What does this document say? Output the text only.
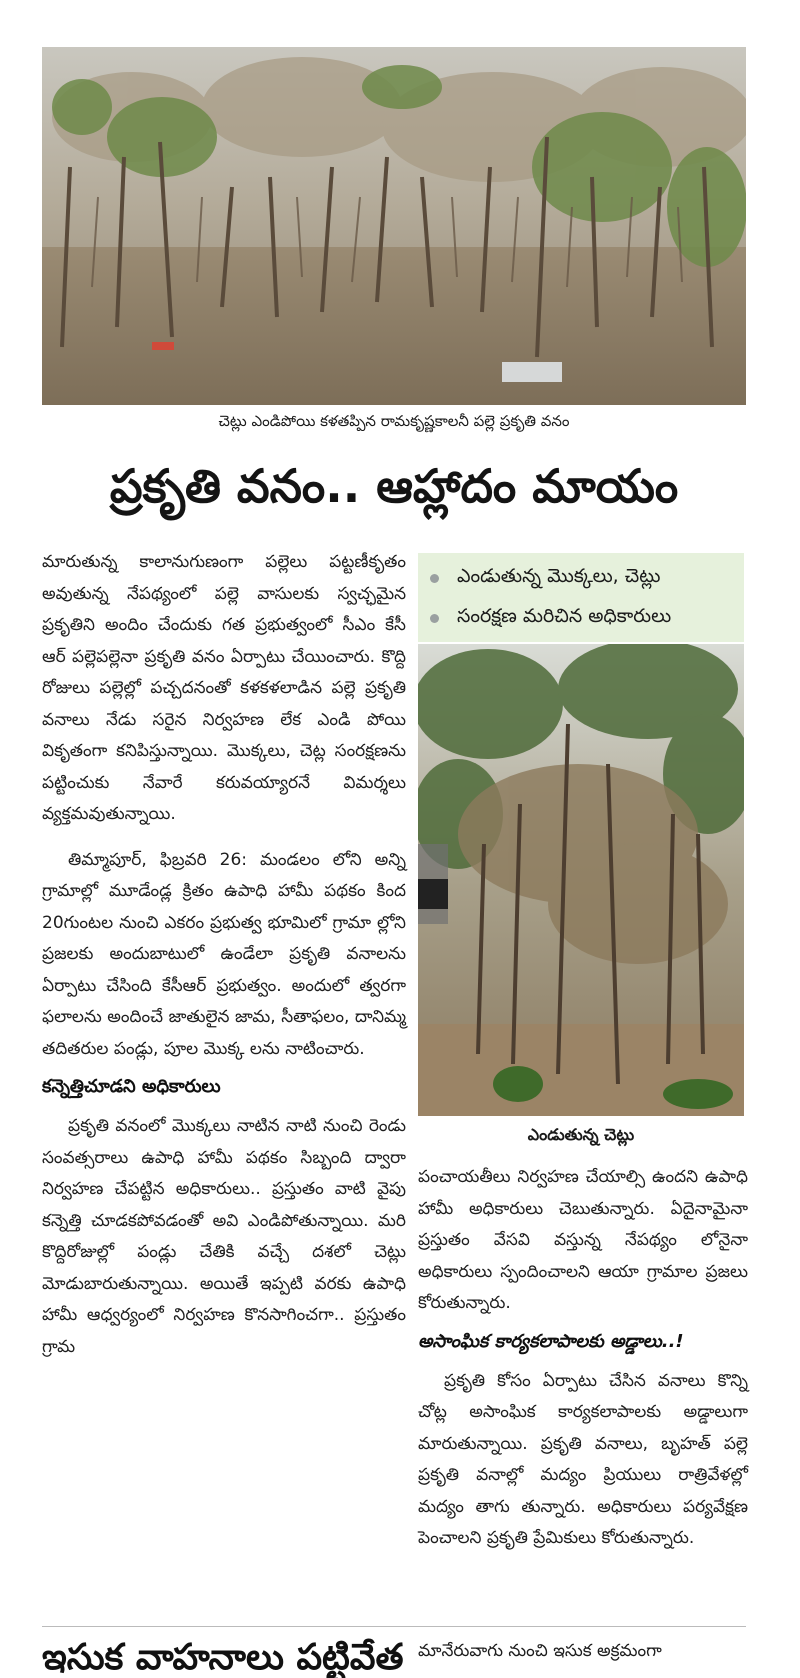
చెట్లు ఎండిపోయి కళతప్పిన రామకృష్ణకాలనీ పల్లె ప్రకృతి వనం
ప్రకృతి వనం.. ఆహ్లాదం మాయం

మారుతున్న కాలానుగుణంగా పల్లెలు పట్టణీకృతం అవుతున్న నేపథ్యంలో పల్లె వాసులకు స్వచ్ఛమైన ప్రకృతిని అందిం చేందుకు గత ప్రభుత్వంలో సీఎం కేసీ ఆర్ పల్లెపల్లెనా ప్రకృతి వనం ఏర్పాటు చేయించారు. కొద్ది రోజులు పల్లెల్లో పచ్చదనంతో కళకళలాడిన పల్లె ప్రకృతి వనాలు నేడు సరైన నిర్వహణ లేక ఎండి పోయి వికృతంగా కనిపిస్తున్నాయి. మొక్కలు, చెట్ల సంరక్షణను పట్టించుకు నేవారే కరువయ్యారనే విమర్శలు వ్యక్తమవుతున్నాయి.

తిమ్మాపూర్, ఫిబ్రవరి 26: మండలం లోని అన్ని గ్రామాల్లో మూడేండ్ల క్రితం ఉపాధి హామీ పథకం కింద 20గుంటల నుంచి ఎకరం ప్రభుత్వ భూమిలో గ్రామా ల్లోని ప్రజలకు అందుబాటులో ఉండేలా ప్రకృతి వనాలను ఏర్పాటు చేసింది కేసీఆర్ ప్రభుత్వం. అందులో త్వరగా ఫలాలను అందించే జాతులైన జామ, సీతాఫలం, దానిమ్మ తదితరుల పండ్లు, పూల మొక్క లను నాటించారు.

కన్నెత్తిచూడని అధికారులు

ప్రకృతి వనంలో మొక్కలు నాటిన నాటి నుంచి రెండు సంవత్సరాలు ఉపాధి హామీ పథకం సిబ్బంది ద్వారా నిర్వహణ చేపట్టిన అధికారులు.. ప్రస్తుతం వాటి వైపు కన్నెత్తి చూడకపోవడంతో అవి ఎండిపోతున్నాయి. మరి కొద్దిరోజుల్లో పండ్లు చేతికి వచ్చే దశలో చెట్లు మోడుబారుతున్నాయి. అయితే ఇప్పటి వరకు ఉపాధి హామీ ఆధ్వర్యంలో నిర్వహణ కొనసాగించగా.. ప్రస్తుతం గ్రామ

ఎండుతున్న మొక్కలు, చెట్లు
సంరక్షణ మరిచిన అధికారులు
ఎండుతున్న చెట్లు

పంచాయతీలు నిర్వహణ చేయాల్సి ఉందని ఉపాధి హామీ అధికారులు చెబుతున్నారు. ఏదైనామైనా ప్రస్తుతం వేసవి వస్తున్న నేపథ్యం లోనైనా అధికారులు స్పందించాలని ఆయా గ్రామాల ప్రజలు కోరుతున్నారు.

అసాంఘిక కార్యకలాపాలకు అడ్డాలు..!

ప్రకృతి కోసం ఏర్పాటు చేసిన వనాలు కొన్ని చోట్ల అసాంఘిక కార్యకలాపాలకు అడ్డాలుగా మారుతున్నాయి. ప్రకృతి వనాలు, బృహత్ పల్లె ప్రకృతి వనాల్లో మద్యం ప్రియులు రాత్రివేళల్లో మద్యం తాగు తున్నారు. అధికారులు పర్యవేక్షణ పెంచాలని ప్రకృతి ప్రేమికులు కోరుతున్నారు.

ఇసుక వాహనాలు పట్టివేత మానేరువాగు నుంచి ఇసుక అక్రమంగా
